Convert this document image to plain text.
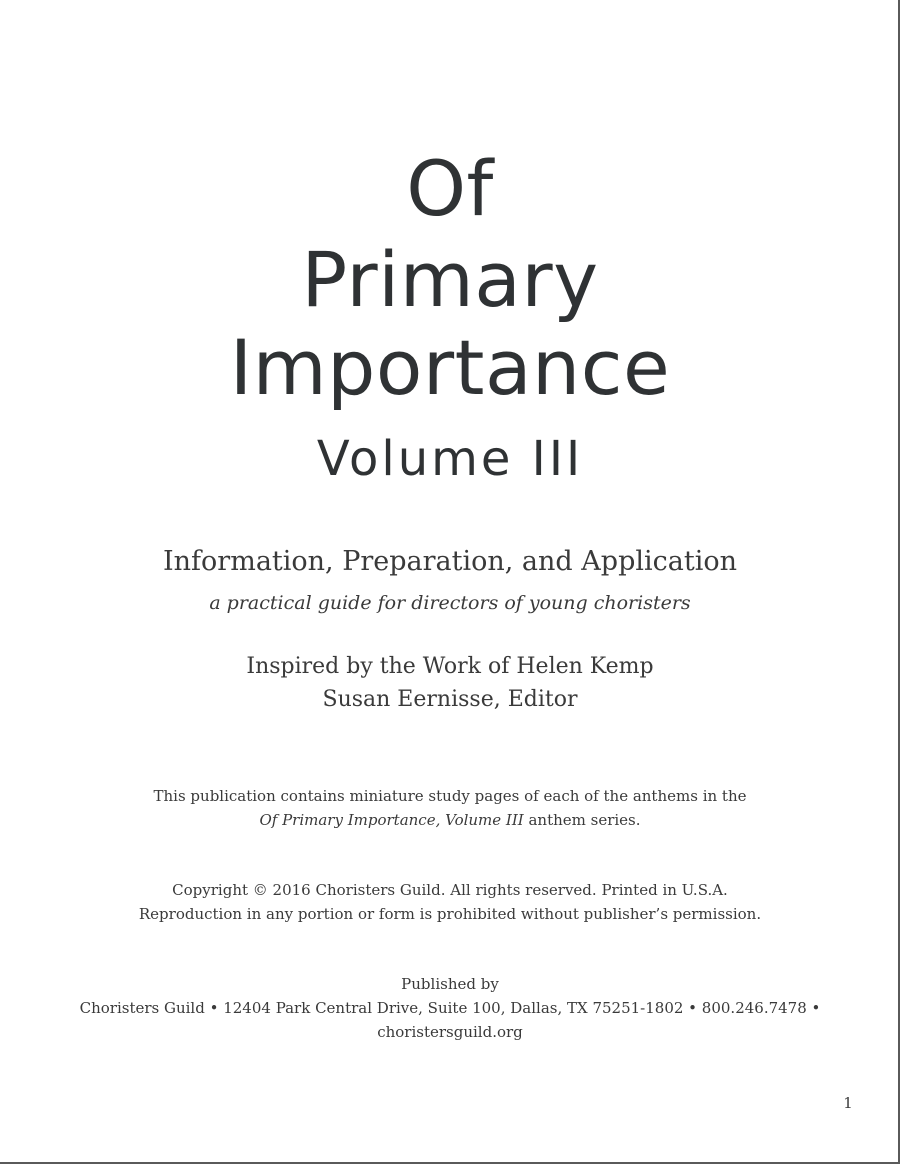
Of
Primary
Importance
Volume III
Information, Preparation, and Application
a practical guide for directors of young choristers
Inspired by the Work of Helen Kemp
Susan Eernisse, Editor
This publication contains miniature study pages of each of the anthems in the
Of Primary Importance, Volume III anthem series.
Copyright © 2016 Choristers Guild. All rights reserved. Printed in U.S.A.
Reproduction in any portion or form is prohibited without publisher’s permission.
Published by
Choristers Guild • 12404 Park Central Drive, Suite 100, Dallas, TX 75251-1802 • 800.246.7478 •
choristersguild.org
1
